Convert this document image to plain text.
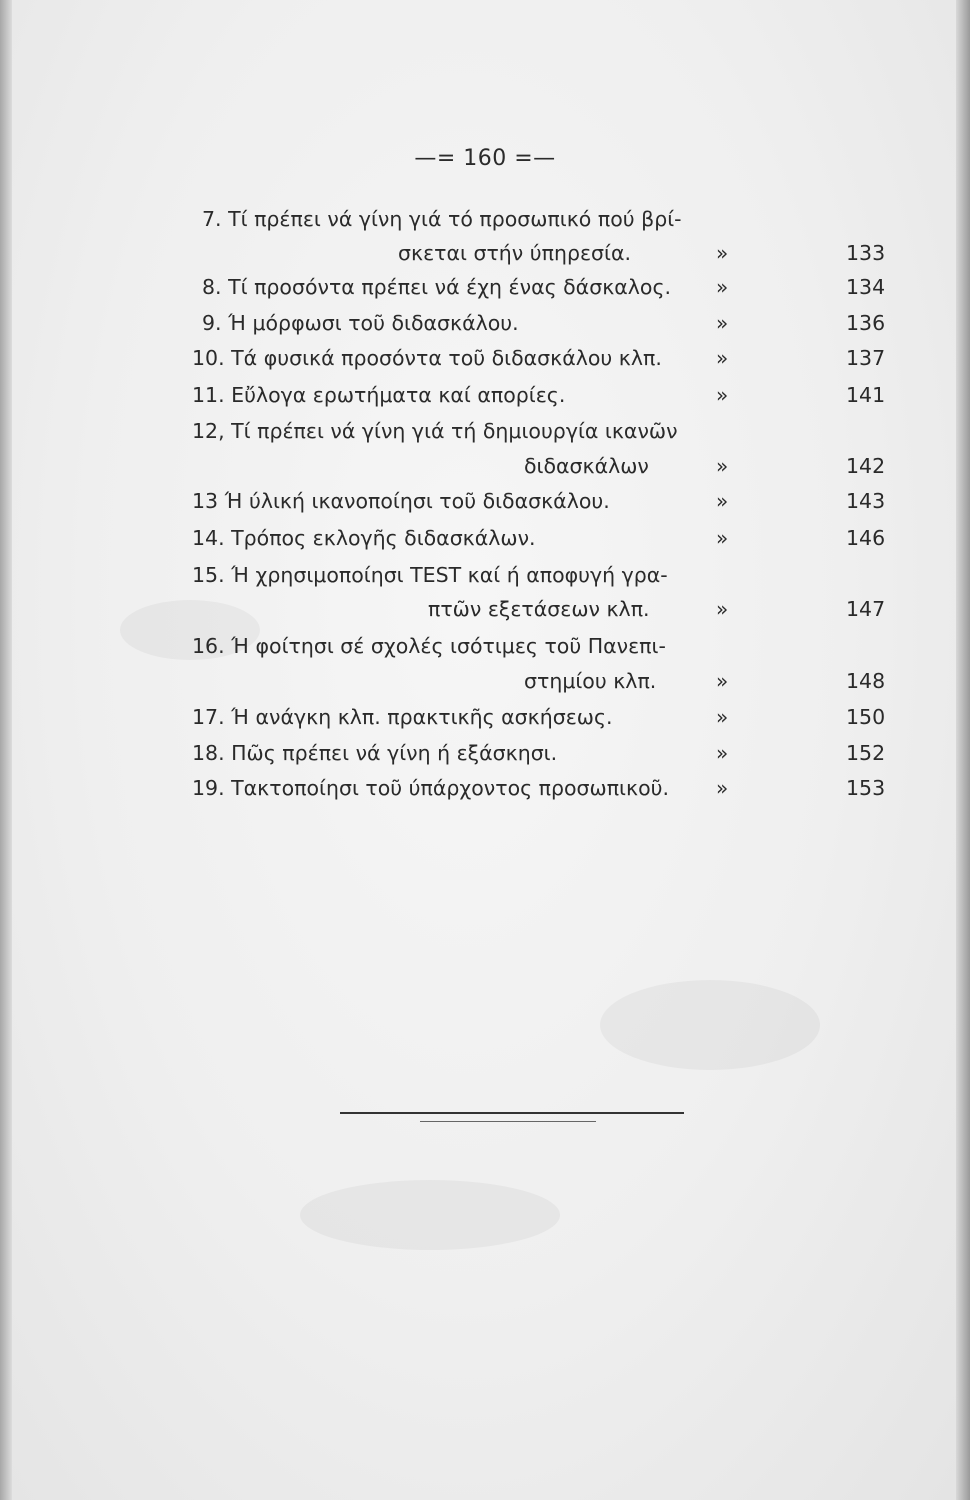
—= 160 =—
7. Τί πρέπει νά γίνη γιά τό προσωπικό πού βρί-
σκεται στήν ύπηρεσία.	»	133
8. Τί προσόντα πρέπει νά έχη ένας δάσκαλος. »	134
9. Ή μόρφωσι τοῦ διδασκάλου.	»	136
10. Τά φυσικά προσόντα τοῦ διδασκάλου κλπ.	»	137
11. Εὔλογα ερωτήματα καί απορίες.	»	141
12, Τί πρέπει νά γίνη γιά τή δημιουργία ικανῶν
διδασκάλων	»	142
13 Ή ύλική ικανοποίησι τοῦ διδασκάλου.	»	143
14. Τρόπος εκλογῆς διδασκάλων.	»	146
15. Ή χρησιμοποίησι TEST καί ή αποφυγή γρα-
πτῶν εξετάσεων κλπ.	»	147
16. Ή φοίτησι σέ σχολές ισότιμες τοῦ Πανεπι-
στημίου κλπ.	»	148
17. Ή ανάγκη κλπ. πρακτικῆς ασκήσεως.	»	150
18. Πῶς πρέπει νά γίνη ή εξάσκησι.	»	152
19. Τακτοποίησι τοῦ ύπάρχοντος προσωπικοῦ. »	153
